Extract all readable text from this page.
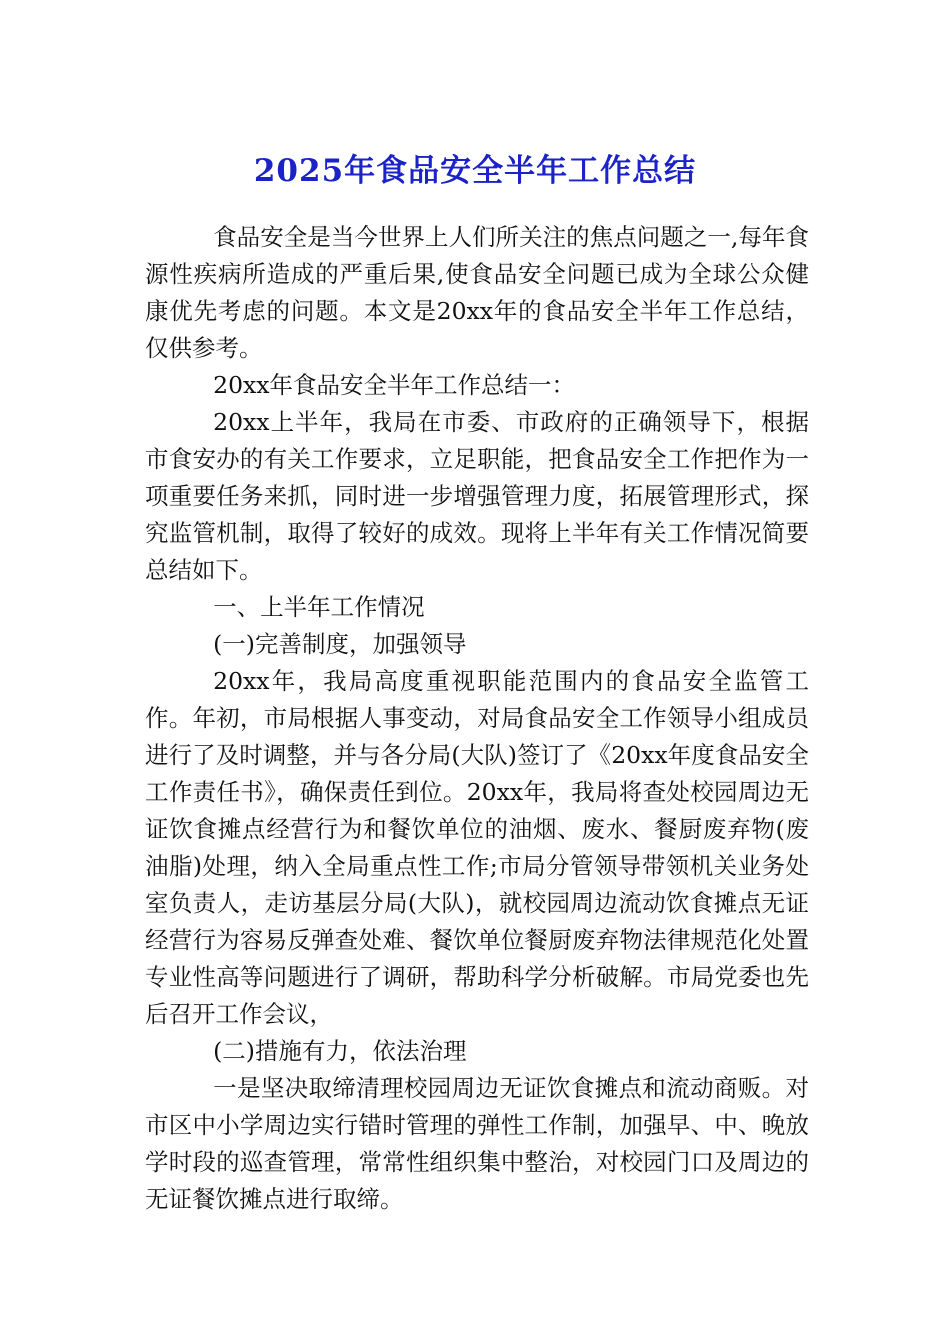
2025年食品安全半年工作总结

食品安全是当今世界上人们所关注的焦点问题之一,每年食源性疾病所造成的严重后果,使食品安全问题已成为全球公众健康优先考虑的问题。本文是20xx年的食品安全半年工作总结，仅供参考。

20xx年食品安全半年工作总结一：

20xx上半年，我局在市委、市政府的正确领导下，根据市食安办的有关工作要求，立足职能，把食品安全工作把作为一项重要任务来抓，同时进一步增强管理力度，拓展管理形式，探究监管机制，取得了较好的成效。现将上半年有关工作情况简要总结如下。

一、上半年工作情况

(一)完善制度，加强领导

20xx年，我局高度重视职能范围内的食品安全监管工作。年初，市局根据人事变动，对局食品安全工作领导小组成员进行了及时调整，并与各分局(大队)签订了《20xx年度食品安全工作责任书》，确保责任到位。20xx年，我局将查处校园周边无证饮食摊点经营行为和餐饮单位的油烟、废水、餐厨废弃物(废油脂)处理，纳入全局重点性工作;市局分管领导带领机关业务处室负责人，走访基层分局(大队)，就校园周边流动饮食摊点无证经营行为容易反弹查处难、餐饮单位餐厨废弃物法律规范化处置专业性高等问题进行了调研，帮助科学分析破解。市局党委也先后召开工作会议，

(二)措施有力，依法治理

一是坚决取缔清理校园周边无证饮食摊点和流动商贩。对市区中小学周边实行错时管理的弹性工作制，加强早、中、晚放学时段的巡查管理，常常性组织集中整治，对校园门口及周边的无证餐饮摊点进行取缔。
